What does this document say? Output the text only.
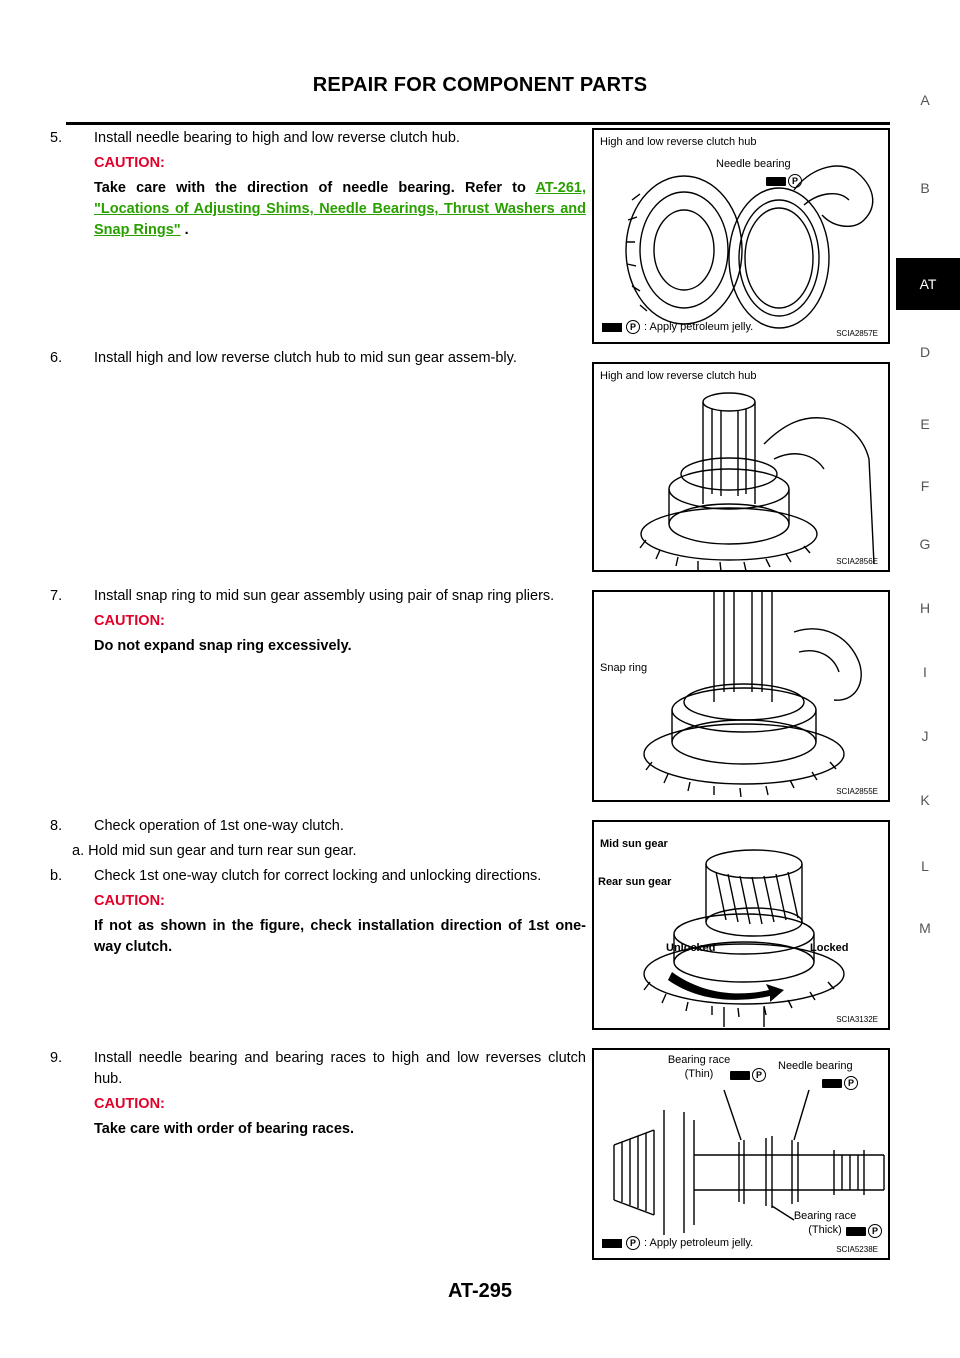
REPAIR FOR COMPONENT PARTS
A
B
AT
D
E
F
G
H
I
J
K
L
M

5. Install needle bearing to high and low reverse clutch hub.

CAUTION:

Take care with the direction of needle bearing. Refer to AT-261, "Locations of Adjusting Shims, Needle Bearings, Thrust Washers and Snap Rings" .

6. Install high and low reverse clutch hub to mid sun gear assem-bly.

7. Install snap ring to mid sun gear assembly using pair of snap ring pliers.

CAUTION:

Do not expand snap ring excessively.

8. Check operation of 1st one-way clutch.

a. Hold mid sun gear and turn rear sun gear.

b. Check 1st one-way clutch for correct locking and unlocking directions.

CAUTION:

If not as shown in the figure, check installation direction of 1st one-way clutch.

9. Install needle bearing and bearing races to high and low reverses clutch hub.

CAUTION:

Take care with order of bearing races.

High and low reverse clutch hub
Needle bearing
P
P : Apply petroleum jelly.
SCIA2857E
High and low reverse clutch hub
SCIA2856E
Snap ring
SCIA2855E
Mid sun gear
Rear sun gear
Unlocked	Locked
SCIA3132E
Bearing race
(Thin)	P
Needle bearing
P
Bearing race
(Thick)	P
P : Apply petroleum jelly.
SCIA5238E
AT-295
